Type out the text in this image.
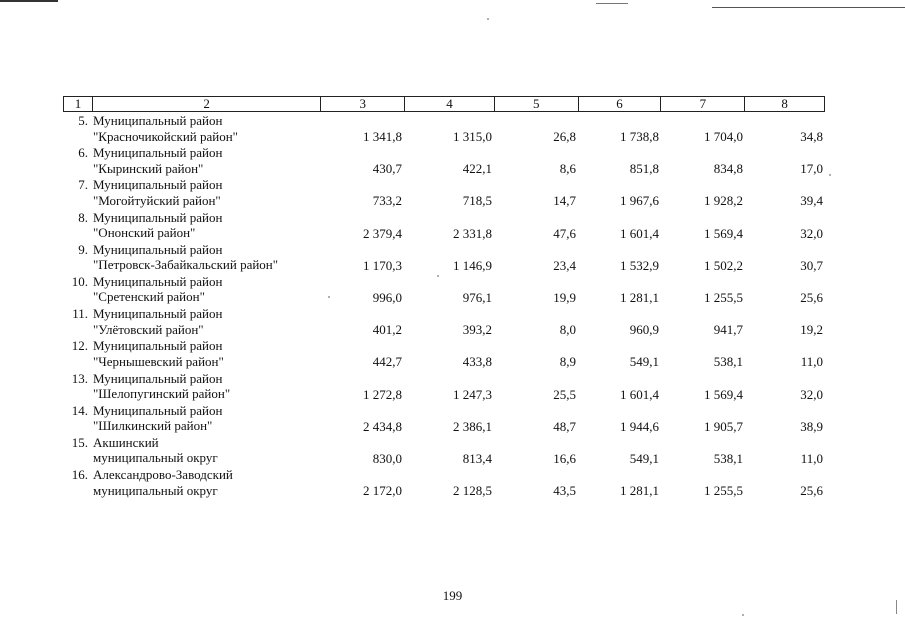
1	2	3	4	5	6	7	8
5. Муниципальный район
"Красночикойский район"	1 341,8	1 315,0	26,8	1 738,8	1 704,0	34,8
6. Муниципальный район
"Кыринский район"	430,7	422,1	8,6	851,8	834,8	17,0
7. Муниципальный район
"Могойтуйский район"	733,2	718,5	14,7	1 967,6	1 928,2	39,4
8. Муниципальный район
"Ононский район"	2 379,4	2 331,8	47,6	1 601,4	1 569,4	32,0
9. Муниципальный район
"Петровск-Забайкальский район"	1 170,3	1 146,9	23,4	1 532,9	1 502,2	30,7
10. Муниципальный район
"Сретенский район"	996,0	976,1	19,9	1 281,1	1 255,5	25,6
11. Муниципальный район
"Улётовский район"	401,2	393,2	8,0	960,9	941,7	19,2
12. Муниципальный район
"Чернышевский район"	442,7	433,8	8,9	549,1	538,1	11,0
13. Муниципальный район
"Шелопугинский район"	1 272,8	1 247,3	25,5	1 601,4	1 569,4	32,0
14. Муниципальный район
"Шилкинский район"	2 434,8	2 386,1	48,7	1 944,6	1 905,7	38,9
15. Акшинский
муниципальный округ	830,0	813,4	16,6	549,1	538,1	11,0
16. Александрово-Заводский
муниципальный округ	2 172,0	2 128,5	43,5	1 281,1	1 255,5	25,6
199
